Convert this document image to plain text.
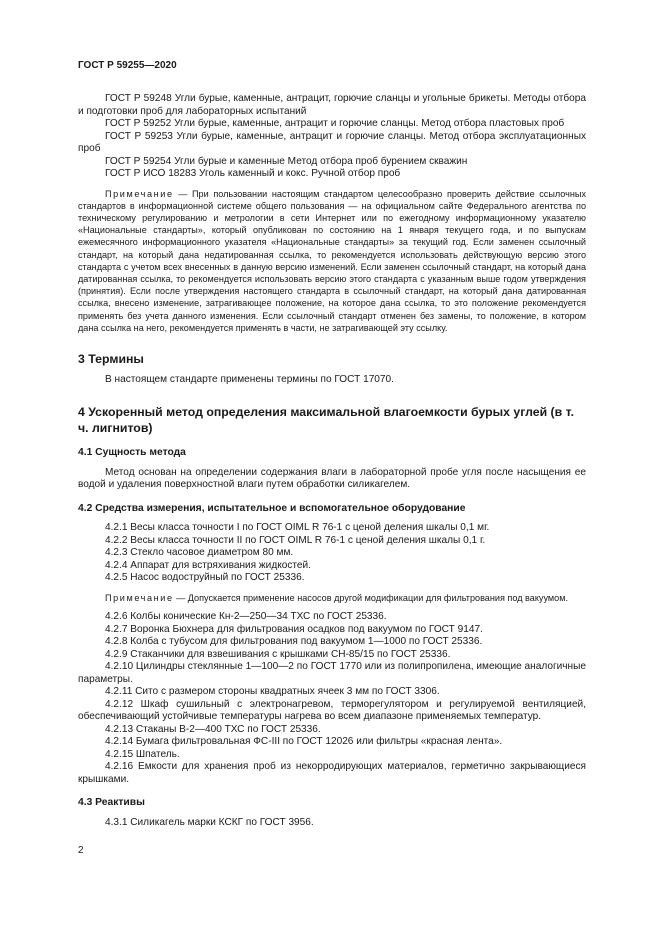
ГОСТ Р 59255—2020

ГОСТ Р 59248 Угли бурые, каменные, антрацит, горючие сланцы и угольные брикеты. Методы отбора и подготовки проб для лабораторных испытаний

ГОСТ Р 59252 Угли бурые, каменные, антрацит и горючие сланцы. Метод отбора пластовых проб

ГОСТ Р 59253 Угли бурые, каменные, антрацит и горючие сланцы. Метод отбора эксплуатационных проб

ГОСТ Р 59254 Угли бурые и каменные Метод отбора проб бурением скважин

ГОСТ Р ИСО 18283 Уголь каменный и кокс. Ручной отбор проб

Примечание — При пользовании настоящим стандартом целесообразно проверить действие ссылочных стандартов в информационной системе общего пользования — на официальном сайте Федерального агентства по техническому регулированию и метрологии в сети Интернет или по ежегодному информационному указателю «Национальные стандарты», который опубликован по состоянию на 1 января текущего года, и по выпускам ежемесячного информационного указателя «Национальные стандарты» за текущий год. Если заменен ссылочный стандарт, на который дана недатированная ссылка, то рекомендуется использовать действующую версию этого стандарта с учетом всех внесенных в данную версию изменений. Если заменен ссылочный стандарт, на который дана датированная ссылка, то рекомендуется использовать версию этого стандарта с указанным выше годом утверждения (принятия). Если после утверждения настоящего стандарта в ссылочный стандарт, на который дана датированная ссылка, внесено изменение, затрагивающее положение, на которое дана ссылка, то это положение рекомендуется применять без учета данного изменения. Если ссылочный стандарт отменен без замены, то положение, в котором дана ссылка на него, рекомендуется применять в части, не затрагивающей эту ссылку.

3 Термины

В настоящем стандарте применены термины по ГОСТ 17070.

4 Ускоренный метод определения максимальной влагоемкости бурых углей (в т. ч. лигнитов)

4.1 Сущность метода

Метод основан на определении содержания влаги в лабораторной пробе угля после насыщения ее водой и удаления поверхностной влаги путем обработки силикагелем.

4.2 Средства измерения, испытательное и вспомогательное оборудование

4.2.1 Весы класса точности I по ГОСТ OIML R 76-1 с ценой деления шкалы 0,1 мг.

4.2.2 Весы класса точности II по ГОСТ OIML R 76-1 с ценой деления шкалы 0,1 г.

4.2.3 Стекло часовое диаметром 80 мм.

4.2.4 Аппарат для встряхивания жидкостей.

4.2.5 Насос водоструйный по ГОСТ 25336.

Примечание — Допускается применение насосов другой модификации для фильтрования под вакуумом.

4.2.6 Колбы конические Кн-2—250—34 ТХС по ГОСТ 25336.

4.2.7 Воронка Бюхнера для фильтрования осадков под вакуумом по ГОСТ 9147.

4.2.8 Колба с тубусом для фильтрования под вакуумом 1—1000 по ГОСТ 25336.

4.2.9 Стаканчики для взвешивания с крышками СН-85/15 по ГОСТ 25336.

4.2.10 Цилиндры стеклянные 1—100—2 по ГОСТ 1770 или из полипропилена, имеющие аналогичные параметры.

4.2.11 Сито с размером стороны квадратных ячеек 3 мм по ГОСТ 3306.

4.2.12 Шкаф сушильный с электронагревом, терморегулятором и регулируемой вентиляцией, обеспечивающий устойчивые температуры нагрева во всем диапазоне применяемых температур.

4.2.13 Стаканы В-2—400 ТХС по ГОСТ 25336.

4.2.14 Бумага фильтровальная ФС-III по ГОСТ 12026 или фильтры «красная лента».

4.2.15 Шпатель.

4.2.16 Емкости для хранения проб из некорродирующих материалов, герметично закрывающиеся крышками.

4.3 Реактивы

4.3.1 Силикагель марки КСКГ по ГОСТ 3956.

2
